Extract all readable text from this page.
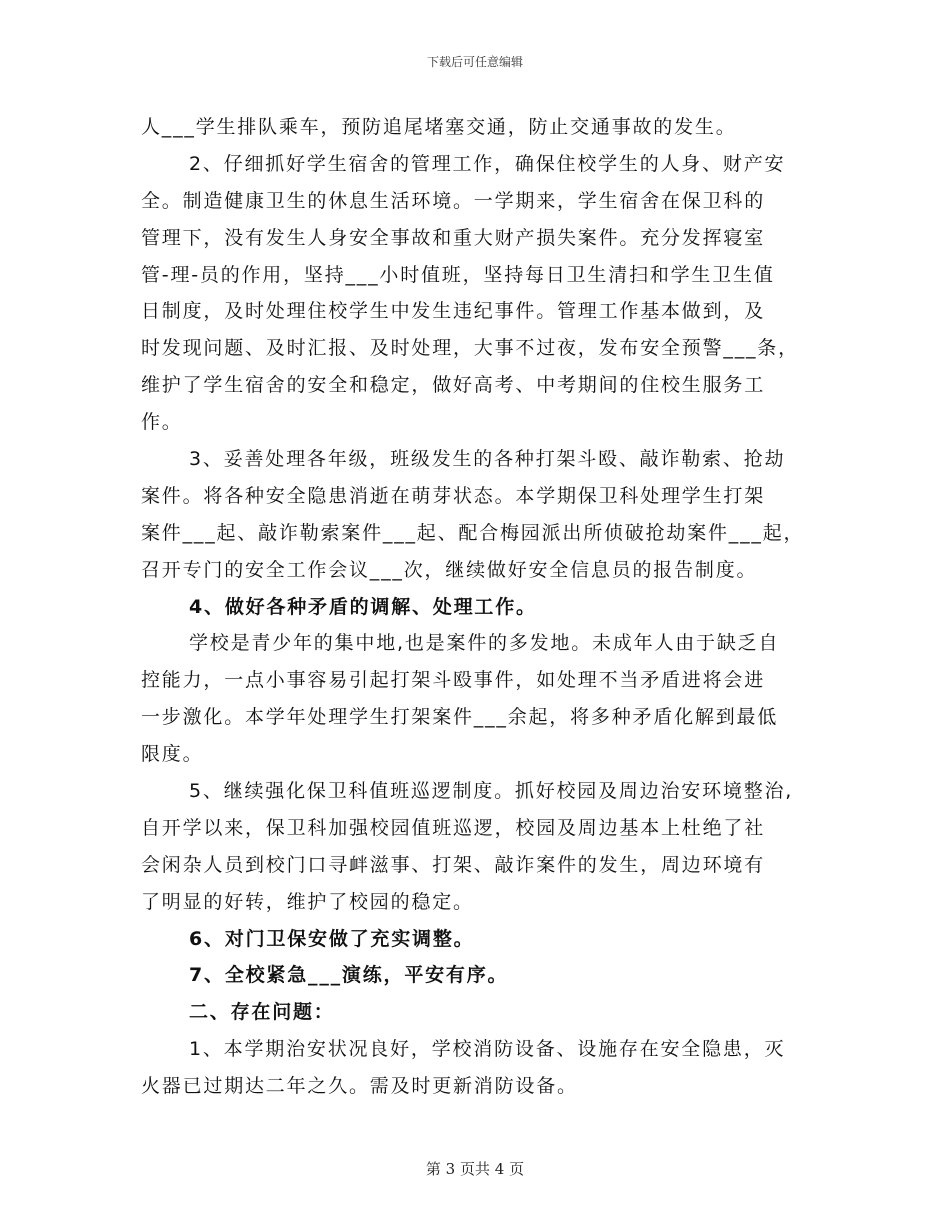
下载后可任意编辑
人___学生排队乘车，预防追尾堵塞交通，防止交通事故的发生。
2、仔细抓好学生宿舍的管理工作，确保住校学生的人身、财产安
全。制造健康卫生的休息生活环境。一学期来，学生宿舍在保卫科的
管理下，没有发生人身安全事故和重大财产损失案件。充分发挥寝室
管-理-员的作用，坚持___小时值班，坚持每日卫生清扫和学生卫生值
日制度，及时处理住校学生中发生违纪事件。管理工作基本做到，及
时发现问题、及时汇报、及时处理，大事不过夜，发布安全预警___条，
维护了学生宿舍的安全和稳定，做好高考、中考期间的住校生服务工
作。
3、妥善处理各年级，班级发生的各种打架斗殴、敲诈勒索、抢劫
案件。将各种安全隐患消逝在萌芽状态。本学期保卫科处理学生打架
案件___起、敲诈勒索案件___起、配合梅园派出所侦破抢劫案件___起，
召开专门的安全工作会议___次，继续做好安全信息员的报告制度。
4、做好各种矛盾的调解、处理工作。
学校是青少年的集中地,也是案件的多发地。未成年人由于缺乏自
控能力，一点小事容易引起打架斗殴事件，如处理不当矛盾进将会进
一步激化。本学年处理学生打架案件___余起，将多种矛盾化解到最低
限度。
5、继续强化保卫科值班巡逻制度。抓好校园及周边治安环境整治,
自开学以来，保卫科加强校园值班巡逻，校园及周边基本上杜绝了社
会闲杂人员到校门口寻衅滋事、打架、敲诈案件的发生，周边环境有
了明显的好转，维护了校园的稳定。
6、对门卫保安做了充实调整。
7、全校紧急___演练，平安有序。
二、存在问题：
1、本学期治安状况良好，学校消防设备、设施存在安全隐患，灭
火器已过期达二年之久。需及时更新消防设备。
第 3 页共 4 页
